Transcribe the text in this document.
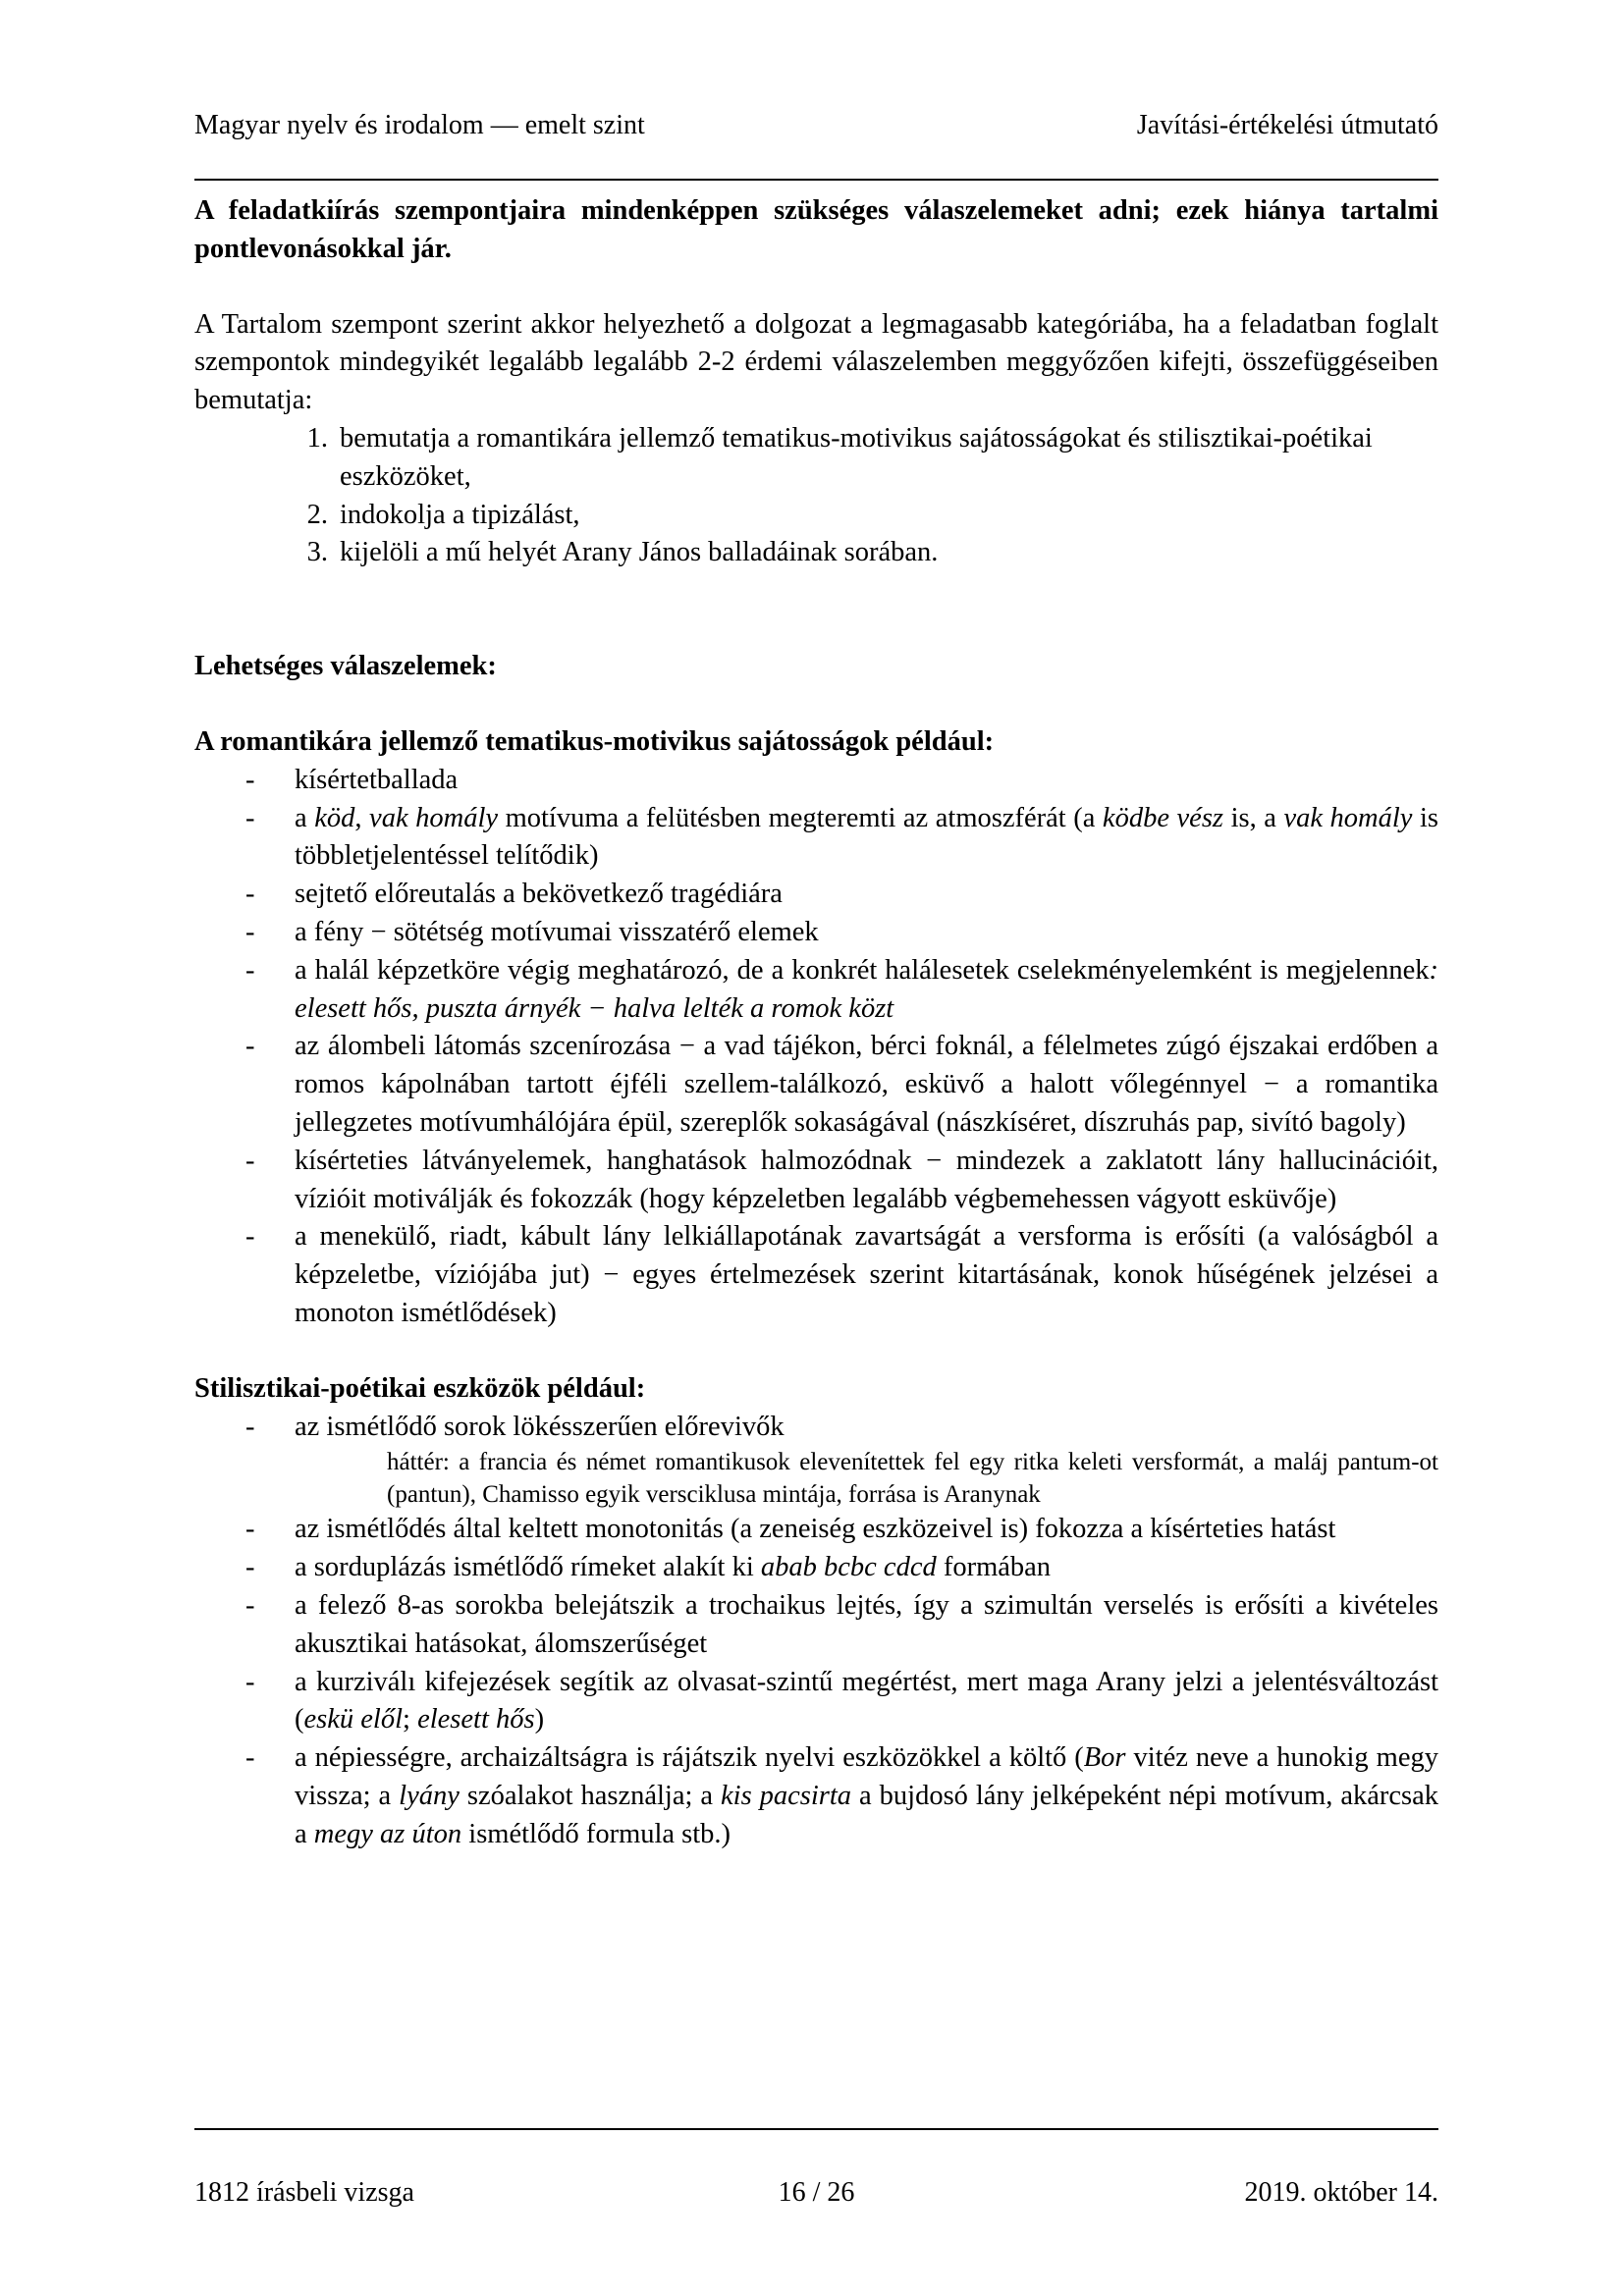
Magyar nyelv és irodalom — emelt szint	Javítási-értékelési útmutató

A feladatkiírás szempontjaira mindenképpen szükséges válaszelemeket adni; ezek hiánya tartalmi pontlevonásokkal jár.

A Tartalom szempont szerint akkor helyezhető a dolgozat a legmagasabb kategóriába, ha a feladatban foglalt szempontok mindegyikét legalább legalább 2-2 érdemi válaszelemben meggyőzően kifejti, összefüggéseiben bemutatja:

1. bemutatja a romantikára jellemző tematikus-motivikus sajátosságokat és stilisztikai-poétikai eszközöket,
2. indokolja a tipizálást,
3. kijelöli a mű helyét Arany János balladáinak sorában.

Lehetséges válaszelemek:

A romantikára jellemző tematikus-motivikus sajátosságok például:

- kísértetballada
- a köd, vak homály motívuma a felütésben megteremti az atmoszférát (a ködbe vész is, a vak homály is többletjelentéssel telítődik)
- sejtető előreutalás a bekövetkező tragédiára
- a fény − sötétség motívumai visszatérő elemek
- a halál képzetköre végig meghatározó, de a konkrét halálesetek cselekményelemként is megjelennek: elesett hős, puszta árnyék − halva lelték a romok közt
- az álombeli látomás szcenírozása − a vad tájékon, bérci foknál, a félelmetes zúgó éjszakai erdőben a romos kápolnában tartott éjféli szellem-találkozó, esküvő a halott vőlegénnyel − a romantika jellegzetes motívumhálójára épül, szereplők sokaságával (nászkíséret, díszruhás pap, sivító bagoly)
- kísérteties látványelemek, hanghatások halmozódnak − mindezek a zaklatott lány hallucinációit, vízióit motiválják és fokozzák (hogy képzeletben legalább végbemehessen vágyott esküvője)
- a menekülő, riadt, kábult lány lelkiállapotának zavartságát a versforma is erősíti (a valóságból a képzeletbe, víziójába jut) − egyes értelmezések szerint kitartásának, konok hűségének jelzései a monoton ismétlődések)

Stilisztikai-poétikai eszközök például:

- az ismétlődő sorok lökésszerűen előrevivők

háttér: a francia és német romantikusok elevenítettek fel egy ritka keleti versformát, a maláj pantum-ot (pantun), Chamisso egyik versciklusa mintája, forrása is Aranynak

- az ismétlődés által keltett monotonitás (a zeneiség eszközeivel is) fokozza a kísérteties hatást
- a sorduplázás ismétlődő rímeket alakít ki abab bcbc cdcd formában
- a felező 8-as sorokba belejátszik a trochaikus lejtés, így a szimultán verselés is erősíti a kivételes akusztikai hatásokat, álomszerűséget
- a kurziválı kifejezések segítik az olvasat-szintű megértést, mert maga Arany jelzi a jelentésváltozást (eskü elől; elesett hős)
- a népiességre, archaizáltságra is rájátszik nyelvi eszközökkel a költő (Bor vitéz neve a hunokig megy vissza; a lyány szóalakot használja; a kis pacsirta a bujdosó lány jelképeként népi motívum, akárcsak a megy az úton ismétlődő formula stb.)
1812 írásbeli vizsga	16 / 26	2019. október 14.
